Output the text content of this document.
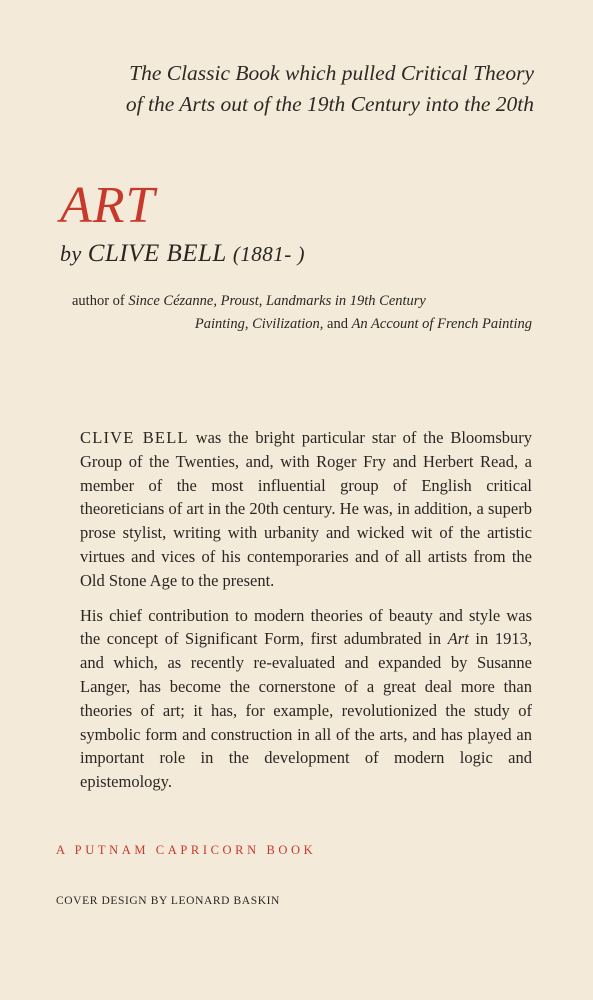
The Classic Book which pulled Critical Theory
of the Arts out of the 19th Century into the 20th
ART
by CLIVE BELL (1881- )
author of Since Cézanne, Proust, Landmarks in 19th Century
Painting, Civilization, and An Account of French Painting

CLIVE BELL was the bright particular star of the Bloomsbury Group of the Twenties, and, with Roger Fry and Herbert Read, a member of the most influential group of English critical theoreticians of art in the 20th century. He was, in addition, a superb prose stylist, writing with urbanity and wicked wit of the artistic virtues and vices of his contemporaries and of all artists from the Old Stone Age to the present.

His chief contribution to modern theories of beauty and style was the concept of Significant Form, first adumbrated in Art in 1913, and which, as recently re-evaluated and expanded by Susanne Langer, has become the cornerstone of a great deal more than theories of art; it has, for example, revolutionized the study of symbolic form and construction in all of the arts, and has played an important role in the development of modern logic and epistemology.

A PUTNAM CAPRICORN BOOK
COVER DESIGN BY LEONARD BASKIN
